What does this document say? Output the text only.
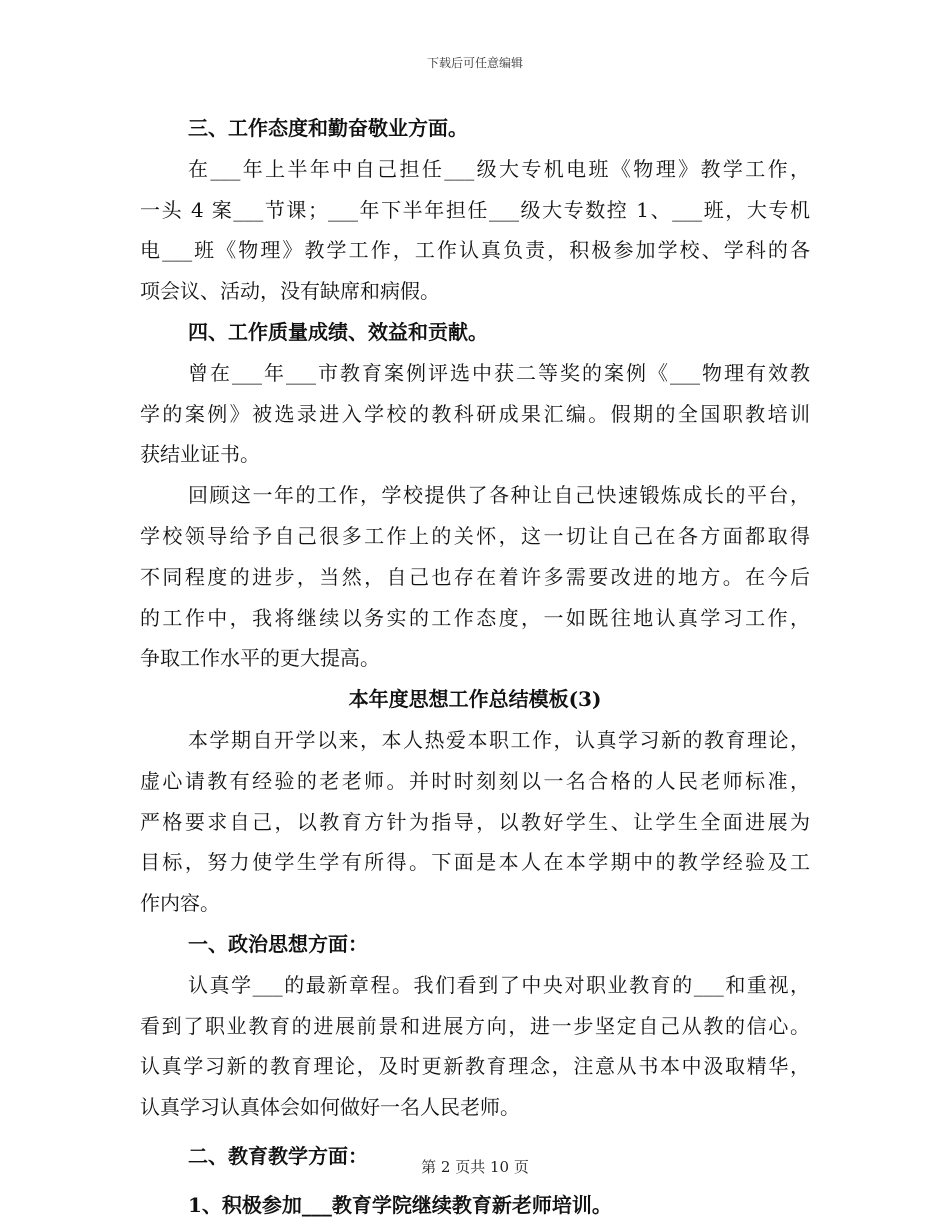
下载后可任意编辑
三、工作态度和勤奋敬业方面。
在___年上半年中自己担任___级大专机电班《物理》教学工作，
一头 4 案___节课；___年下半年担任___级大专数控 1、___班，大专机
电___班《物理》教学工作，工作认真负责，积极参加学校、学科的各
项会议、活动，没有缺席和病假。
四、工作质量成绩、效益和贡献。
曾在___年___市教育案例评选中获二等奖的案例《___物理有效教
学的案例》被选录进入学校的教科研成果汇编。假期的全国职教培训
获结业证书。
回顾这一年的工作，学校提供了各种让自己快速锻炼成长的平台，
学校领导给予自己很多工作上的关怀，这一切让自己在各方面都取得
不同程度的进步，当然，自己也存在着许多需要改进的地方。在今后
的工作中，我将继续以务实的工作态度，一如既往地认真学习工作，
争取工作水平的更大提高。
本年度思想工作总结模板(3)
本学期自开学以来，本人热爱本职工作，认真学习新的教育理论，
虚心请教有经验的老老师。并时时刻刻以一名合格的人民老师标准，
严格要求自己，以教育方针为指导，以教好学生、让学生全面进展为
目标，努力使学生学有所得。下面是本人在本学期中的教学经验及工
作内容。
一、政治思想方面：
认真学___的最新章程。我们看到了中央对职业教育的___和重视，
看到了职业教育的进展前景和进展方向，进一步坚定自己从教的信心。
认真学习新的教育理论，及时更新教育理念，注意从书本中汲取精华，
认真学习认真体会如何做好一名人民老师。
二、教育教学方面：
1、积极参加___教育学院继续教育新老师培训。
第 2 页共 10 页
